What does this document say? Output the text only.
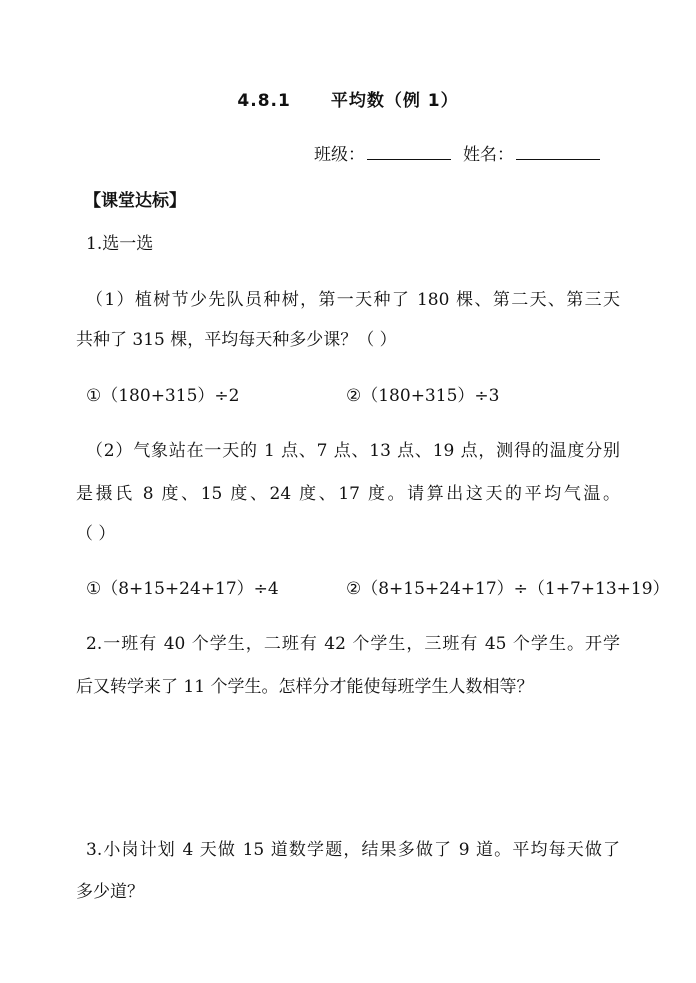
4.8.1 平均数（例 1）
班级：	姓名：
【课堂达标】
1.选一选
（1）植树节少先队员种树，第一天种了 180 棵、第二天、第三天
共种了 315 棵，平均每天种多少课？（ ）
①（180+315）÷2	②（180+315）÷3
（2）气象站在一天的 1 点、7 点、13 点、19 点，测得的温度分别
是摄氏 8 度、15 度、24 度、17 度。请算出这天的平均气温。
（ ）
①（8+15+24+17）÷4	②（8+15+24+17）÷（1+7+13+19）
2.一班有 40 个学生，二班有 42 个学生，三班有 45 个学生。开学
后又转学来了 11 个学生。怎样分才能使每班学生人数相等？
3.小岗计划 4 天做 15 道数学题，结果多做了 9 道。平均每天做了
多少道？
